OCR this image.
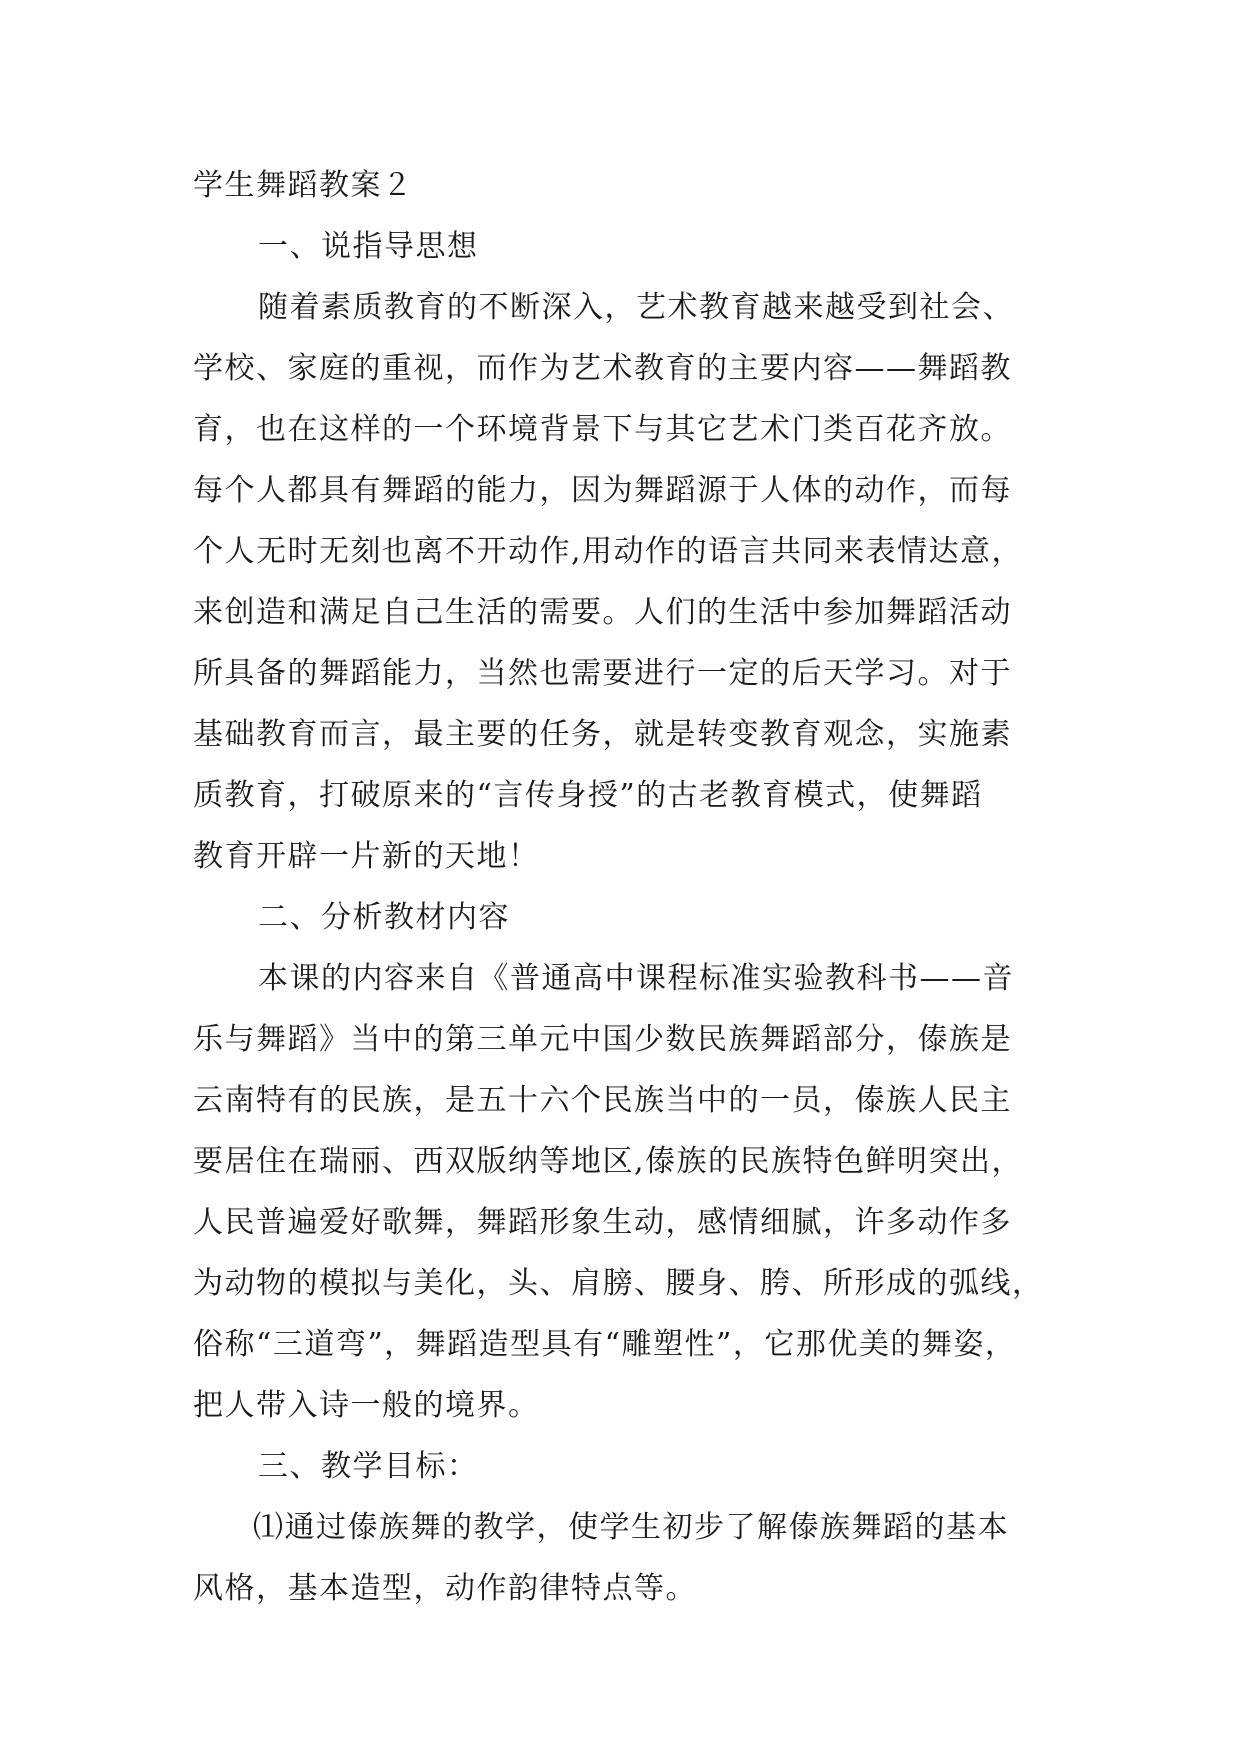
学生舞蹈教案２
一、说指导思想
随着素质教育的不断深入，艺术教育越来越受到社会、
学校、家庭的重视，而作为艺术教育的主要内容——舞蹈教
育，也在这样的一个环境背景下与其它艺术门类百花齐放。
每个人都具有舞蹈的能力，因为舞蹈源于人体的动作，而每
个人无时无刻也离不开动作,用动作的语言共同来表情达意，
来创造和满足自己生活的需要。人们的生活中参加舞蹈活动
所具备的舞蹈能力，当然也需要进行一定的后天学习。对于
基础教育而言，最主要的任务，就是转变教育观念，实施素
质教育，打破原来的“言传身授”的古老教育模式，使舞蹈
教育开辟一片新的天地！
二、分析教材内容
本课的内容来自《普通高中课程标准实验教科书——音
乐与舞蹈》当中的第三单元中国少数民族舞蹈部分，傣族是
云南特有的民族，是五十六个民族当中的一员，傣族人民主
要居住在瑞丽、西双版纳等地区,傣族的民族特色鲜明突出，
人民普遍爱好歌舞，舞蹈形象生动，感情细腻，许多动作多
为动物的模拟与美化，头、肩膀、腰身、胯、所形成的弧线，
俗称“三道弯”，舞蹈造型具有“雕塑性”，它那优美的舞姿，
把人带入诗一般的境界。
三、教学目标：
⑴通过傣族舞的教学，使学生初步了解傣族舞蹈的基本
风格，基本造型，动作韵律特点等。
